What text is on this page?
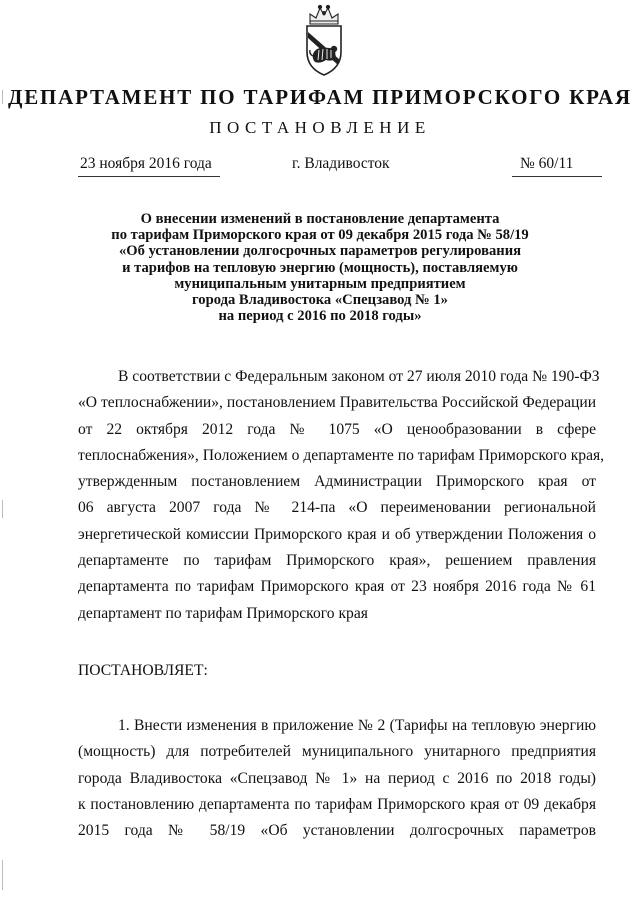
ДЕПАРТАМЕНТ ПО ТАРИФАМ ПРИМОРСКОГО КРАЯ
ПОСТАНОВЛЕНИЕ
23 ноября 2016 года	г. Владивосток	№ 60/11
О внесении изменений в постановление департамента
по тарифам Приморского края от 09 декабря 2015 года № 58/19
«Об установлении долгосрочных параметров регулирования
и тарифов на тепловую энергию (мощность), поставляемую
муниципальным унитарным предприятием
города Владивостока «Спецзавод № 1»
на период с 2016 по 2018 годы»
В соответствии с Федеральным законом от 27 июля 2010 года № 190-ФЗ
«О теплоснабжении», постановлением Правительства Российской Федерации
от 22 октября 2012 года № 1075 «О ценообразовании в сфере
теплоснабжения», Положением о департаменте по тарифам Приморского края,
утвержденным постановлением Администрации Приморского края от
06 августа 2007 года № 214-па «О переименовании региональной
энергетической комиссии Приморского края и об утверждении Положения о
департаменте по тарифам Приморского края», решением правления
департамента по тарифам Приморского края от 23 ноября 2016 года № 61
департамент по тарифам Приморского края
ПОСТАНОВЛЯЕТ:
1. Внести изменения в приложение № 2 (Тарифы на тепловую энергию
(мощность) для потребителей муниципального унитарного предприятия
города Владивостока «Спецзавод № 1» на период с 2016 по 2018 годы)
к постановлению департамента по тарифам Приморского края от 09 декабря
2015 года № 58/19 «Об установлении долгосрочных параметров
